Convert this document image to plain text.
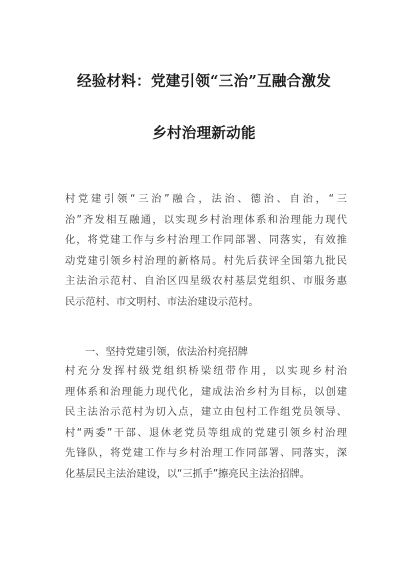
经验材料：党建引领“三治”互融合激发
乡村治理新动能
村党建引领“三治”融合，法治、德治、自治，“三
治”齐发相互融通，以实现乡村治理体系和治理能力现代
化，将党建工作与乡村治理工作同部署、同落实，有效推
动党建引领乡村治理的新格局。村先后获评全国第九批民
主法治示范村、自治区四星级农村基层党组织、市服务惠
民示范村、市文明村、市法治建设示范村。
一、坚持党建引领，依法治村亮招牌
村充分发挥村级党组织桥梁纽带作用，以实现乡村治
理体系和治理能力现代化，建成法治乡村为目标，以创建
民主法治示范村为切入点，建立由包村工作组党员领导、
村“两委”干部、退休老党员等组成的党建引领乡村治理
先锋队，将党建工作与乡村治理工作同部署、同落实，深
化基层民主法治建设，以“三抓手”擦亮民主法治招牌。
